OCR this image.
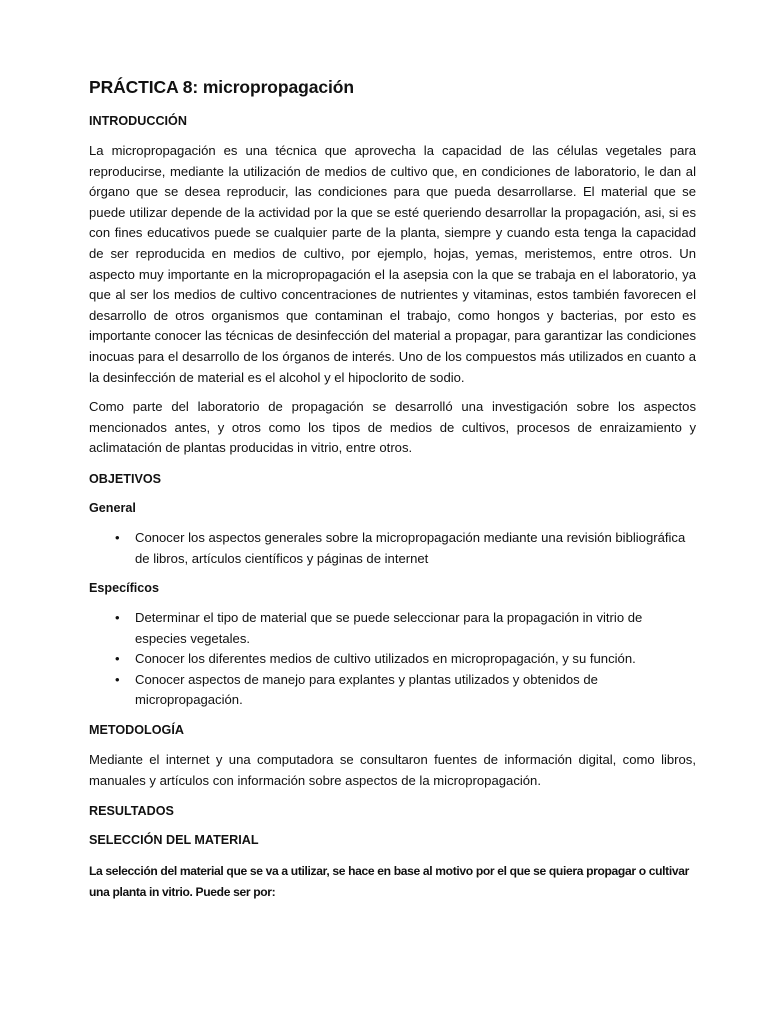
PRÁCTICA 8: micropropagación
INTRODUCCIÓN

La micropropagación es una técnica que aprovecha la capacidad de las células vegetales para reproducirse, mediante la utilización de medios de cultivo que, en condiciones de laboratorio, le dan al órgano que se desea reproducir, las condiciones para que pueda desarrollarse. El material que se puede utilizar depende de la actividad por la que se esté queriendo desarrollar la propagación, asi, si es con fines educativos puede se cualquier parte de la planta, siempre y cuando esta tenga la capacidad de ser reproducida en medios de cultivo, por ejemplo, hojas, yemas, meristemos, entre otros. Un aspecto muy importante en la micropropagación el la asepsia con la que se trabaja en el laboratorio, ya que al ser los medios de cultivo concentraciones de nutrientes y vitaminas, estos también favorecen el desarrollo de otros organismos que contaminan el trabajo, como hongos y bacterias, por esto es importante conocer las técnicas de desinfección del material a propagar, para garantizar las condiciones inocuas para el desarrollo de los órganos de interés. Uno de los compuestos más utilizados en cuanto a la desinfección de material es el alcohol y el hipoclorito de sodio.

Como parte del laboratorio de propagación se desarrolló una investigación sobre los aspectos mencionados antes, y otros como los tipos de medios de cultivos, procesos de enraizamiento y aclimatación de plantas producidas in vitrio, entre otros.

OBJETIVOS
General
• Conocer los aspectos generales sobre la micropropagación mediante una revisión bibliográfica de libros, artículos científicos y páginas de internet
Específicos
• Determinar el tipo de material que se puede seleccionar para la propagación in vitrio de especies vegetales.
• Conocer los diferentes medios de cultivo utilizados en micropropagación, y su función.
• Conocer aspectos de manejo para explantes y plantas utilizados y obtenidos de micropropagación.
METODOLOGÍA

Mediante el internet y una computadora se consultaron fuentes de información digital, como libros, manuales y artículos con información sobre aspectos de la micropropagación.

RESULTADOS
SELECCIÓN DEL MATERIAL

La selección del material que se va a utilizar, se hace en base al motivo por el que se quiera propagar o cultivar una planta in vitrio. Puede ser por:
